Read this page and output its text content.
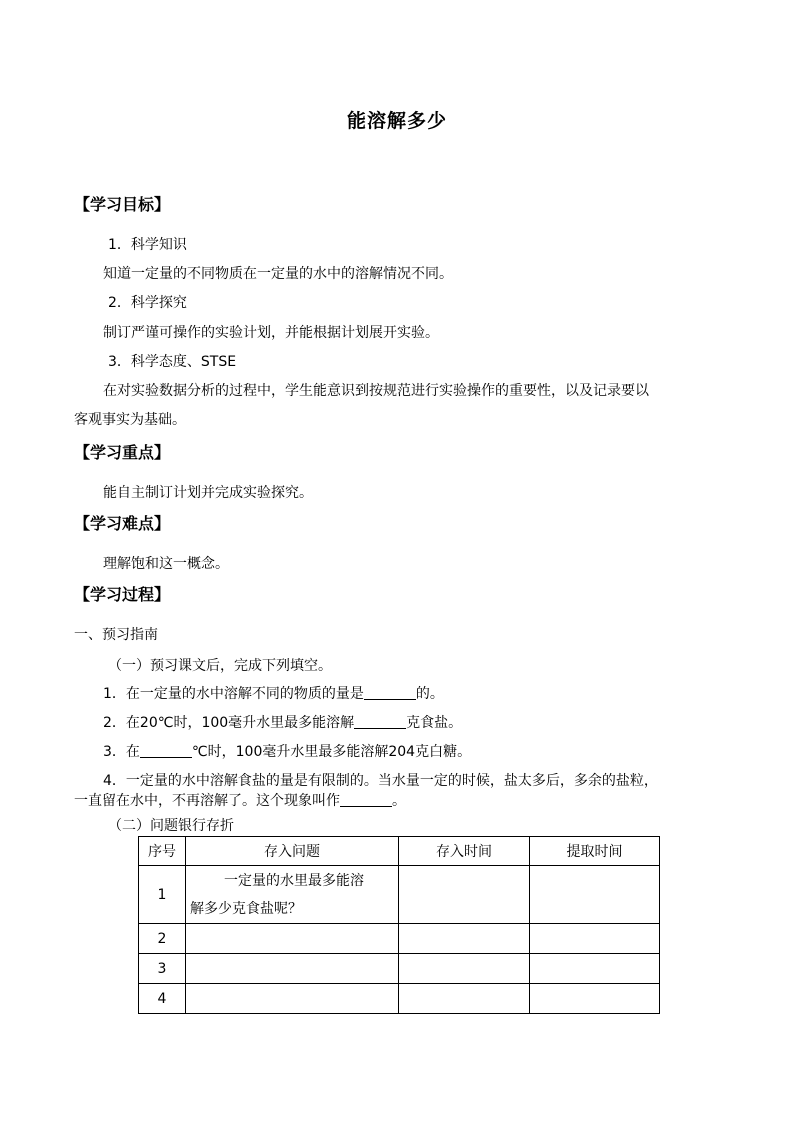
能溶解多少
【学习目标】
1．科学知识
知道一定量的不同物质在一定量的水中的溶解情况不同。
2．科学探究
制订严谨可操作的实验计划，并能根据计划展开实验。
3．科学态度、STSE
在对实验数据分析的过程中，学生能意识到按规范进行实验操作的重要性，以及记录要以
客观事实为基础。
【学习重点】
能自主制订计划并完成实验探究。
【学习难点】
理解饱和这一概念。
【学习过程】
一、预习指南
（一）预习课文后，完成下列填空。
1．在一定量的水中溶解不同的物质的量是	的。
2．在20℃时，100毫升水里最多能溶解	克食盐。
3．在	℃时，100毫升水里最多能溶解204克白糖。
4．一定量的水中溶解食盐的量是有限制的。当水量一定的时候，盐太多后，多余的盐粒，
一直留在水中，不再溶解了。这个现象叫作	。
（二）问题银行存折
序号	存入问题	存入时间	提取时间
1	一定量的水里最多能溶
解多少克食盐呢？		

2			
3			
4			
